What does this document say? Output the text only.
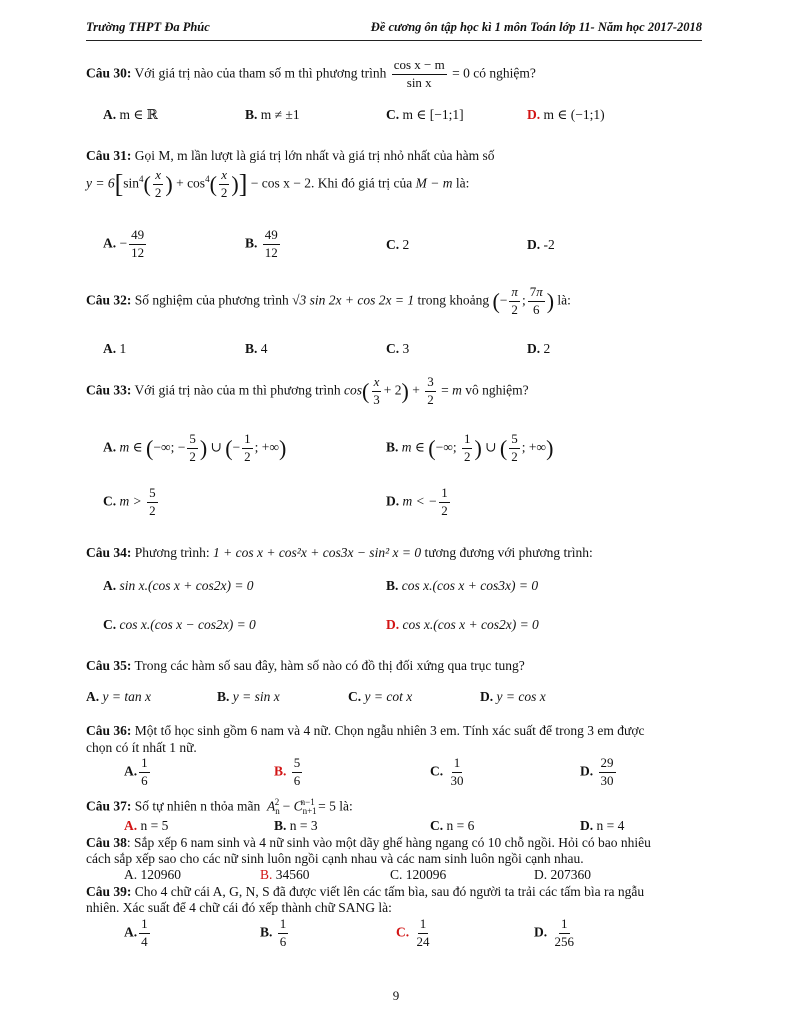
Trường THPT Đa Phúc	Đề cương ôn tập học kì 1 môn Toán lớp 11- Năm học 2017-2018
Câu 30: Với giá trị nào của tham số m thì phương trình $\frac{\text{cos x − m}}{\text{sin x}} = 0$ có nghiệm?
A. m ∈ ℝ	B. m ≠ ±1	C. m ∈ [−1;1]	D. m ∈ (−1;1)
Câu 31: Gọi M, m lần lượt là giá trị lớn nhất và giá trị nhỏ nhất của hàm số
$y = 6[\sin^4( \frac{x}{2}$ ) + $\cos^4( \frac{x}{2}$ )] − cos x − 2. Khi đó giá trị của M − m là:
A. − $\frac{49}{12}$	B. $\frac{49}{12}$	C. 2	D. -2
Câu 32: Số nghiệm của phương trình √3 sin 2x + cos 2x = 1 trong khoảng (− $\frac{\pi}{2}$ ; $\frac{7\pi}{6}$ ) là:
A. 1	B. 4	C. 3	D. 2
Câu 33: Với giá trị nào của m thì phương trình $\cos( \frac{x}{3} + 2) + \frac{3}{2} = m$ vô nghiệm?
A. m ∈ (−∞; − $\frac{5}{2}$ ) ∪ (− $\frac{1}{2}$ ; +∞)	B. m ∈ (−∞; $\frac{1}{2}$ ) ∪ ( $\frac{5}{2}$ ; +∞)
C. $m > \frac{5}{2}$	D. m < − $\frac{1}{2}$
Câu 34: Phương trình: 1 + cos x + cos²x + cos3x − sin² x = 0 tương đương với phương trình:
A. sin x.(cos x + cos2x) = 0	B. cos x.(cos x + cos3x) = 0
C. cos x.(cos x − cos2x) = 0	D. cos x.(cos x + cos2x) = 0
Câu 35: Trong các hàm số sau đây, hàm số nào có đồ thị đối xứng qua trục tung?
A. y = tan x	B. y = sin x	C. y = cot x	D. y = cos x
Câu 36: Một tổ học sinh gồm 6 nam và 4 nữ. Chọn ngẫu nhiên 3 em. Tính xác suất để trong 3 em được
chọn có ít nhất 1 nữ.
A. $\frac{1}{6}$	B. $\frac{5}{6}$	C. $\frac{1}{30}$	D. $\frac{29}{30}$
Câu 37: Số tự nhiên n thỏa mãn $A_n^2 - C_{n+1}^{n-1} = 5$ là:
A. n = 5	B. n = 3	C. n = 6	D. n = 4
Câu 38: Sắp xếp 6 nam sinh và 4 nữ sinh vào một dãy ghế hàng ngang có 10 chỗ ngồi. Hỏi có bao nhiêu
cách sắp xếp sao cho các nữ sinh luôn ngồi cạnh nhau và các nam sinh luôn ngồi cạnh nhau.
A. 120960	B. 34560	C. 120096	D. 207360
Câu 39: Cho 4 chữ cái A, G, N, S đã được viết lên các tấm bìa, sau đó người ta trải các tấm bìa ra ngẫu
nhiên. Xác suất để 4 chữ cái đó xếp thành chữ SANG là:
A. $\frac{1}{4}$	B. $\frac{1}{6}$	C. $\frac{1}{24}$	D. $\frac{1}{256}$
9
